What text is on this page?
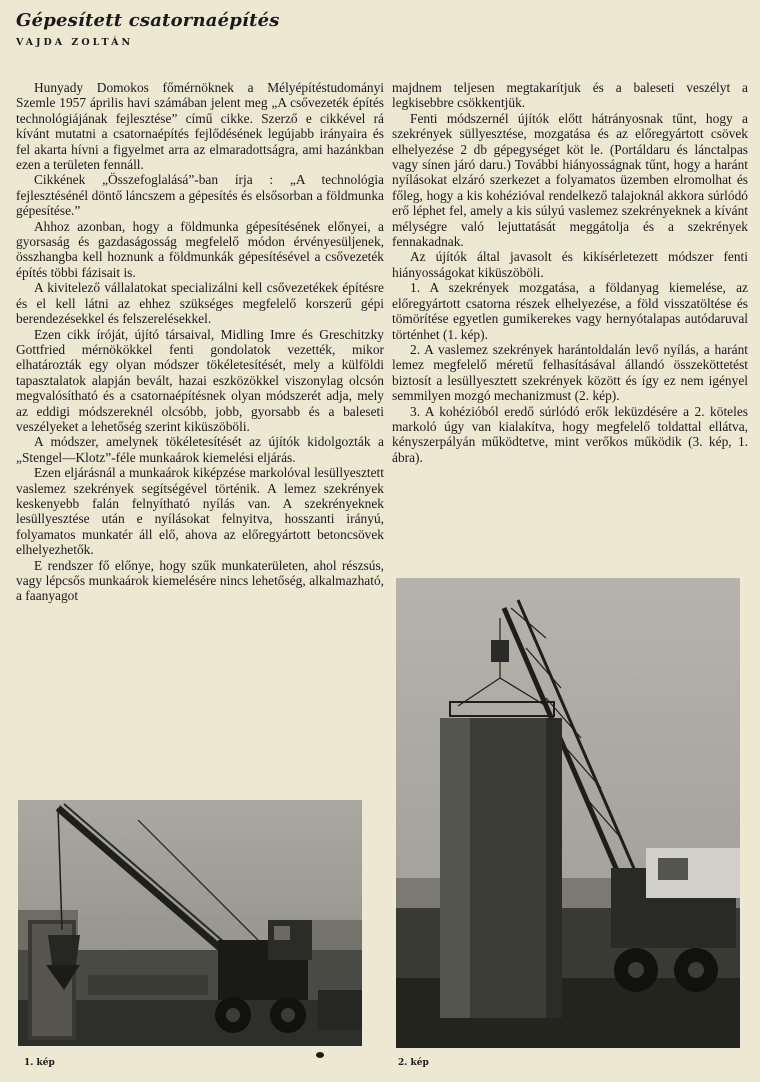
Gépesített csatornaépítés
VAJDA ZOLTÁN

Hunyady Domokos főmérnöknek a Mélyépítéstudományi Szemle 1957 április havi számában jelent meg „A csővezeték építés technológiájának fejlesztése” című cikke. Szerző e cikkével rá kívánt mutatni a csatornaépítés fejlődésének legújabb irányaira és fel akarta hívni a figyelmet arra az elmaradottságra, ami hazánkban ezen a területen fennáll.

Cikkének „Összefoglalásá”-ban írja : „A technológia fejlesztésénél döntő láncszem a gépesítés és elsősorban a földmunka gépesítése.”

Ahhoz azonban, hogy a földmunka gépesítésének előnyei, a gyorsaság és gazdaságosság megfelelő módon érvényesüljenek, összhangba kell hoznunk a földmunkák gépesítésével a csővezeték építés többi fázisait is.

A kivitelező vállalatokat specializálni kell csővezetékek építésre és el kell látni az ehhez szükséges megfelelő korszerű gépi berendezésekkel és felszerelésekkel.

Ezen cikk íróját, újító társaival, Midling Imre és Greschitzky Gottfried mérnökökkel fenti gondolatok vezették, mikor elhatározták egy olyan módszer tökéletesítését, mely a külföldi tapasztalatok alapján bevált, hazai eszközökkel viszonylag olcsón megvalósítható és a csatornaépítésnek olyan módszerét adja, mely az eddigi módszereknél olcsóbb, jobb, gyorsabb és a baleseti veszélyeket a lehetőség szerint kiküszöböli.

A módszer, amelynek tökéletesítését az újítók kidolgozták a „Stengel—Klotz”-féle munkaárok kiemelési eljárás.

Ezen eljárásnál a munkaárok kiképzése markolóval lesüllyesztett vaslemez szekrények segítségével történik. A lemez szekrények keskenyebb falán felnyítható nyílás van. A szekrényeknek lesüllyesztése után e nyílásokat felnyitva, hosszanti irányú, folyamatos munkatér áll elő, ahova az előregyártott betoncsövek elhelyezhetők.

E rendszer fő előnye, hogy szűk munkaterületen, ahol részsús, vagy lépcsős munkaárok kiemelésére nincs lehetőség, alkalmazható, a faanyagot

majdnem teljesen megtakarítjuk és a baleseti veszélyt a legkisebbre csökkentjük.

Fenti módszernél újítók előtt hátrányosnak tűnt, hogy a szekrények süllyesztése, mozgatása és az előregyártott csövek elhelyezése 2 db gépegységet köt le. (Portáldaru és lánctalpas vagy sínen járó daru.) További hiányosságnak tűnt, hogy a haránt nyílásokat elzáró szerkezet a folyamatos üzemben elromolhat és főleg, hogy a kis kohézióval rendelkező talajoknál akkora súrlódó erő léphet fel, amely a kis súlyú vaslemez szekrényeknek a kívánt mélységre való lejuttatását meggátolja és a szekrények fennakadnak.

Az újítók által javasolt és kikísérletezett módszer fenti hiányosságokat kiküszöböli.

1. A szekrények mozgatása, a földanyag kiemelése, az előregyártott csatorna részek elhelyezése, a föld visszatöltése és tömörítése egyetlen gumikerekes vagy hernyótalapas autódaruval történhet (1. kép).

2. A vaslemez szekrények harántoldalán levő nyílás, a haránt lemez megfelelő méretű felhasításával állandó összeköttetést biztosít a lesüllyesztett szekrények között és így ez nem igényel semmilyen mozgó mechanizmust (2. kép).

3. A kohézióból eredő súrlódó erők leküzdésére a 2. köteles markoló úgy van kialakítva, hogy megfelelő toldattal ellátva, kényszerpályán működtetve, mint verőkos működik (3. kép, 1. ábra).

1. kép	2. kép
